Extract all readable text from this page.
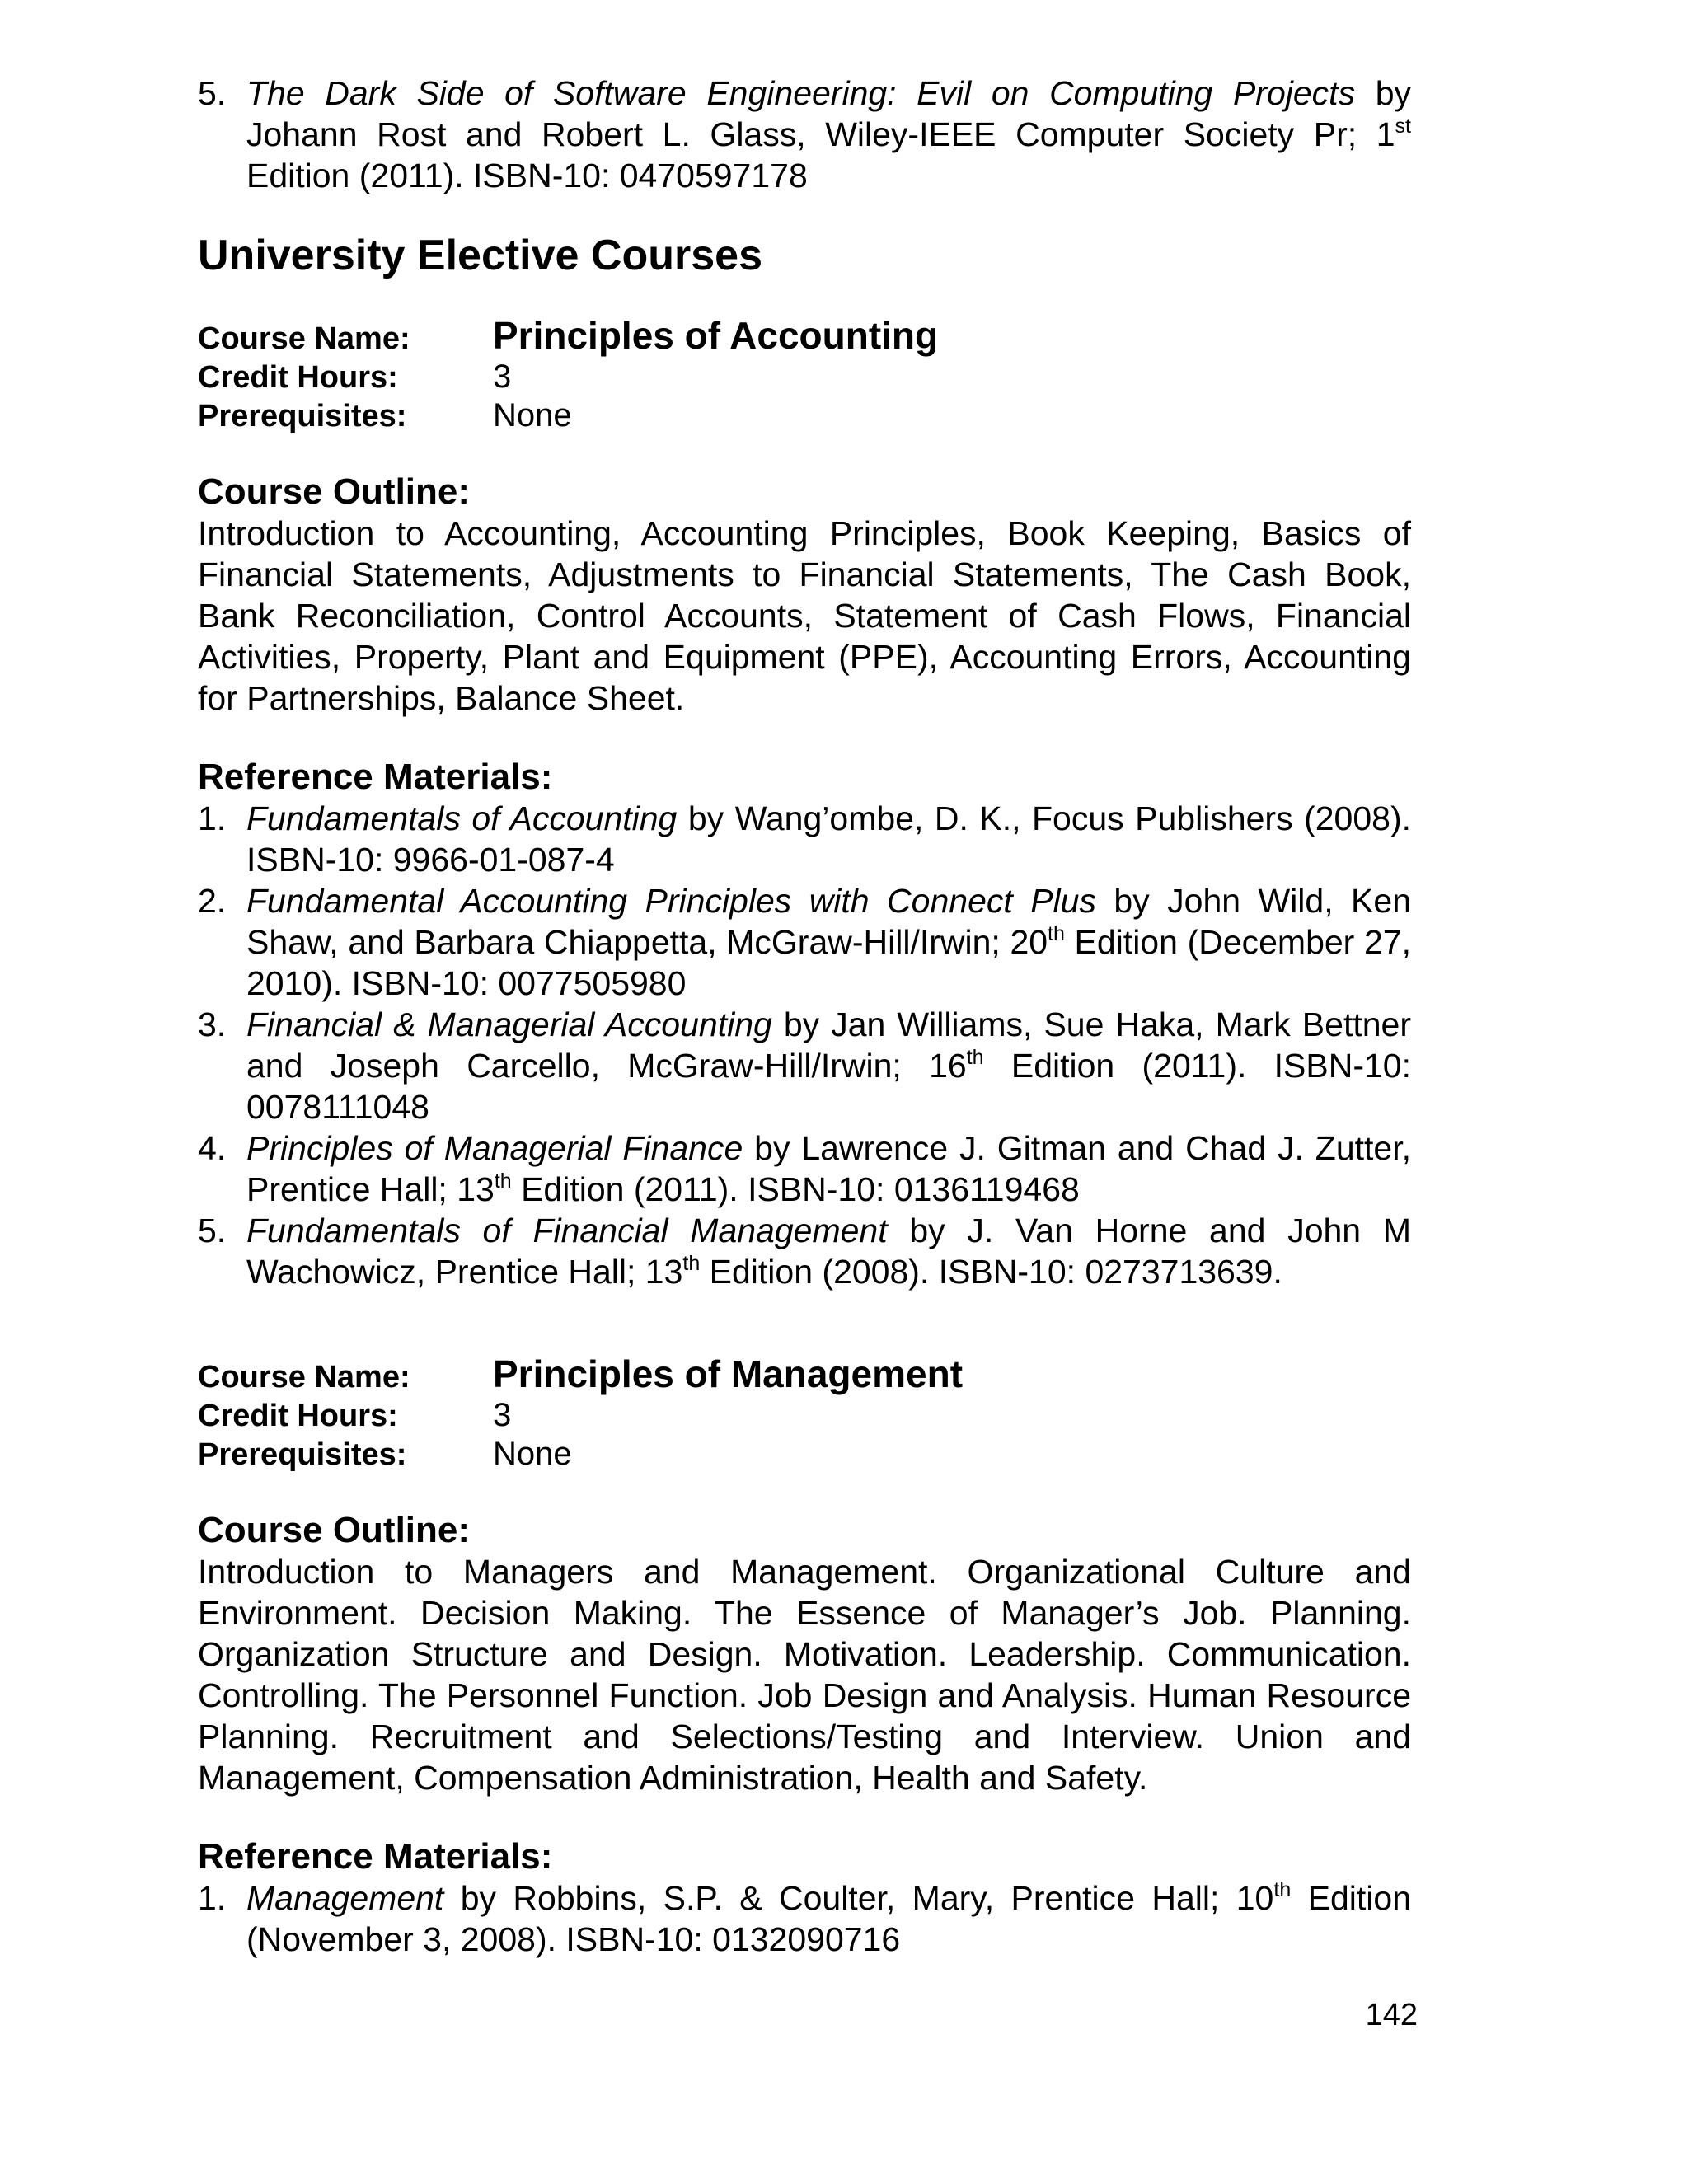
5. The Dark Side of Software Engineering: Evil on Computing Projects by Johann Rost and Robert L. Glass, Wiley-IEEE Computer Society Pr; 1st Edition (2011). ISBN-10: 0470597178
University Elective Courses
Course Name:	Principles of Accounting
Credit Hours:	3
Prerequisites:	None
Course Outline:

Introduction to Accounting, Accounting Principles, Book Keeping, Basics of Financial Statements, Adjustments to Financial Statements, The Cash Book, Bank Reconciliation, Control Accounts, Statement of Cash Flows, Financial Activities, Property, Plant and Equipment (PPE), Accounting Errors, Accounting for Partnerships, Balance Sheet.

Reference Materials:
1. Fundamentals of Accounting by Wang’ombe, D. K., Focus Publishers (2008). ISBN-10: 9966-01-087-4
2. Fundamental Accounting Principles with Connect Plus by John Wild, Ken Shaw, and Barbara Chiappetta, McGraw-Hill/Irwin; 20th Edition (December 27, 2010). ISBN-10: 0077505980
3. Financial & Managerial Accounting by Jan Williams, Sue Haka, Mark Bettner and Joseph Carcello, McGraw-Hill/Irwin; 16th Edition (2011). ISBN-10: 0078111048
4. Principles of Managerial Finance by Lawrence J. Gitman and Chad J. Zutter, Prentice Hall; 13th Edition (2011). ISBN-10: 0136119468
5. Fundamentals of Financial Management by J. Van Horne and John M Wachowicz, Prentice Hall; 13th Edition (2008). ISBN-10: 0273713639.
Course Name:	Principles of Management
Credit Hours:	3
Prerequisites:	None
Course Outline:

Introduction to Managers and Management. Organizational Culture and Environment. Decision Making. The Essence of Manager’s Job. Planning. Organization Structure and Design. Motivation. Leadership. Communication. Controlling. The Personnel Function. Job Design and Analysis. Human Resource Planning. Recruitment and Selections/Testing and Interview. Union and Management, Compensation Administration, Health and Safety.

Reference Materials:
1. Management by Robbins, S.P. & Coulter, Mary, Prentice Hall; 10th Edition (November 3, 2008). ISBN-10: 0132090716
142
